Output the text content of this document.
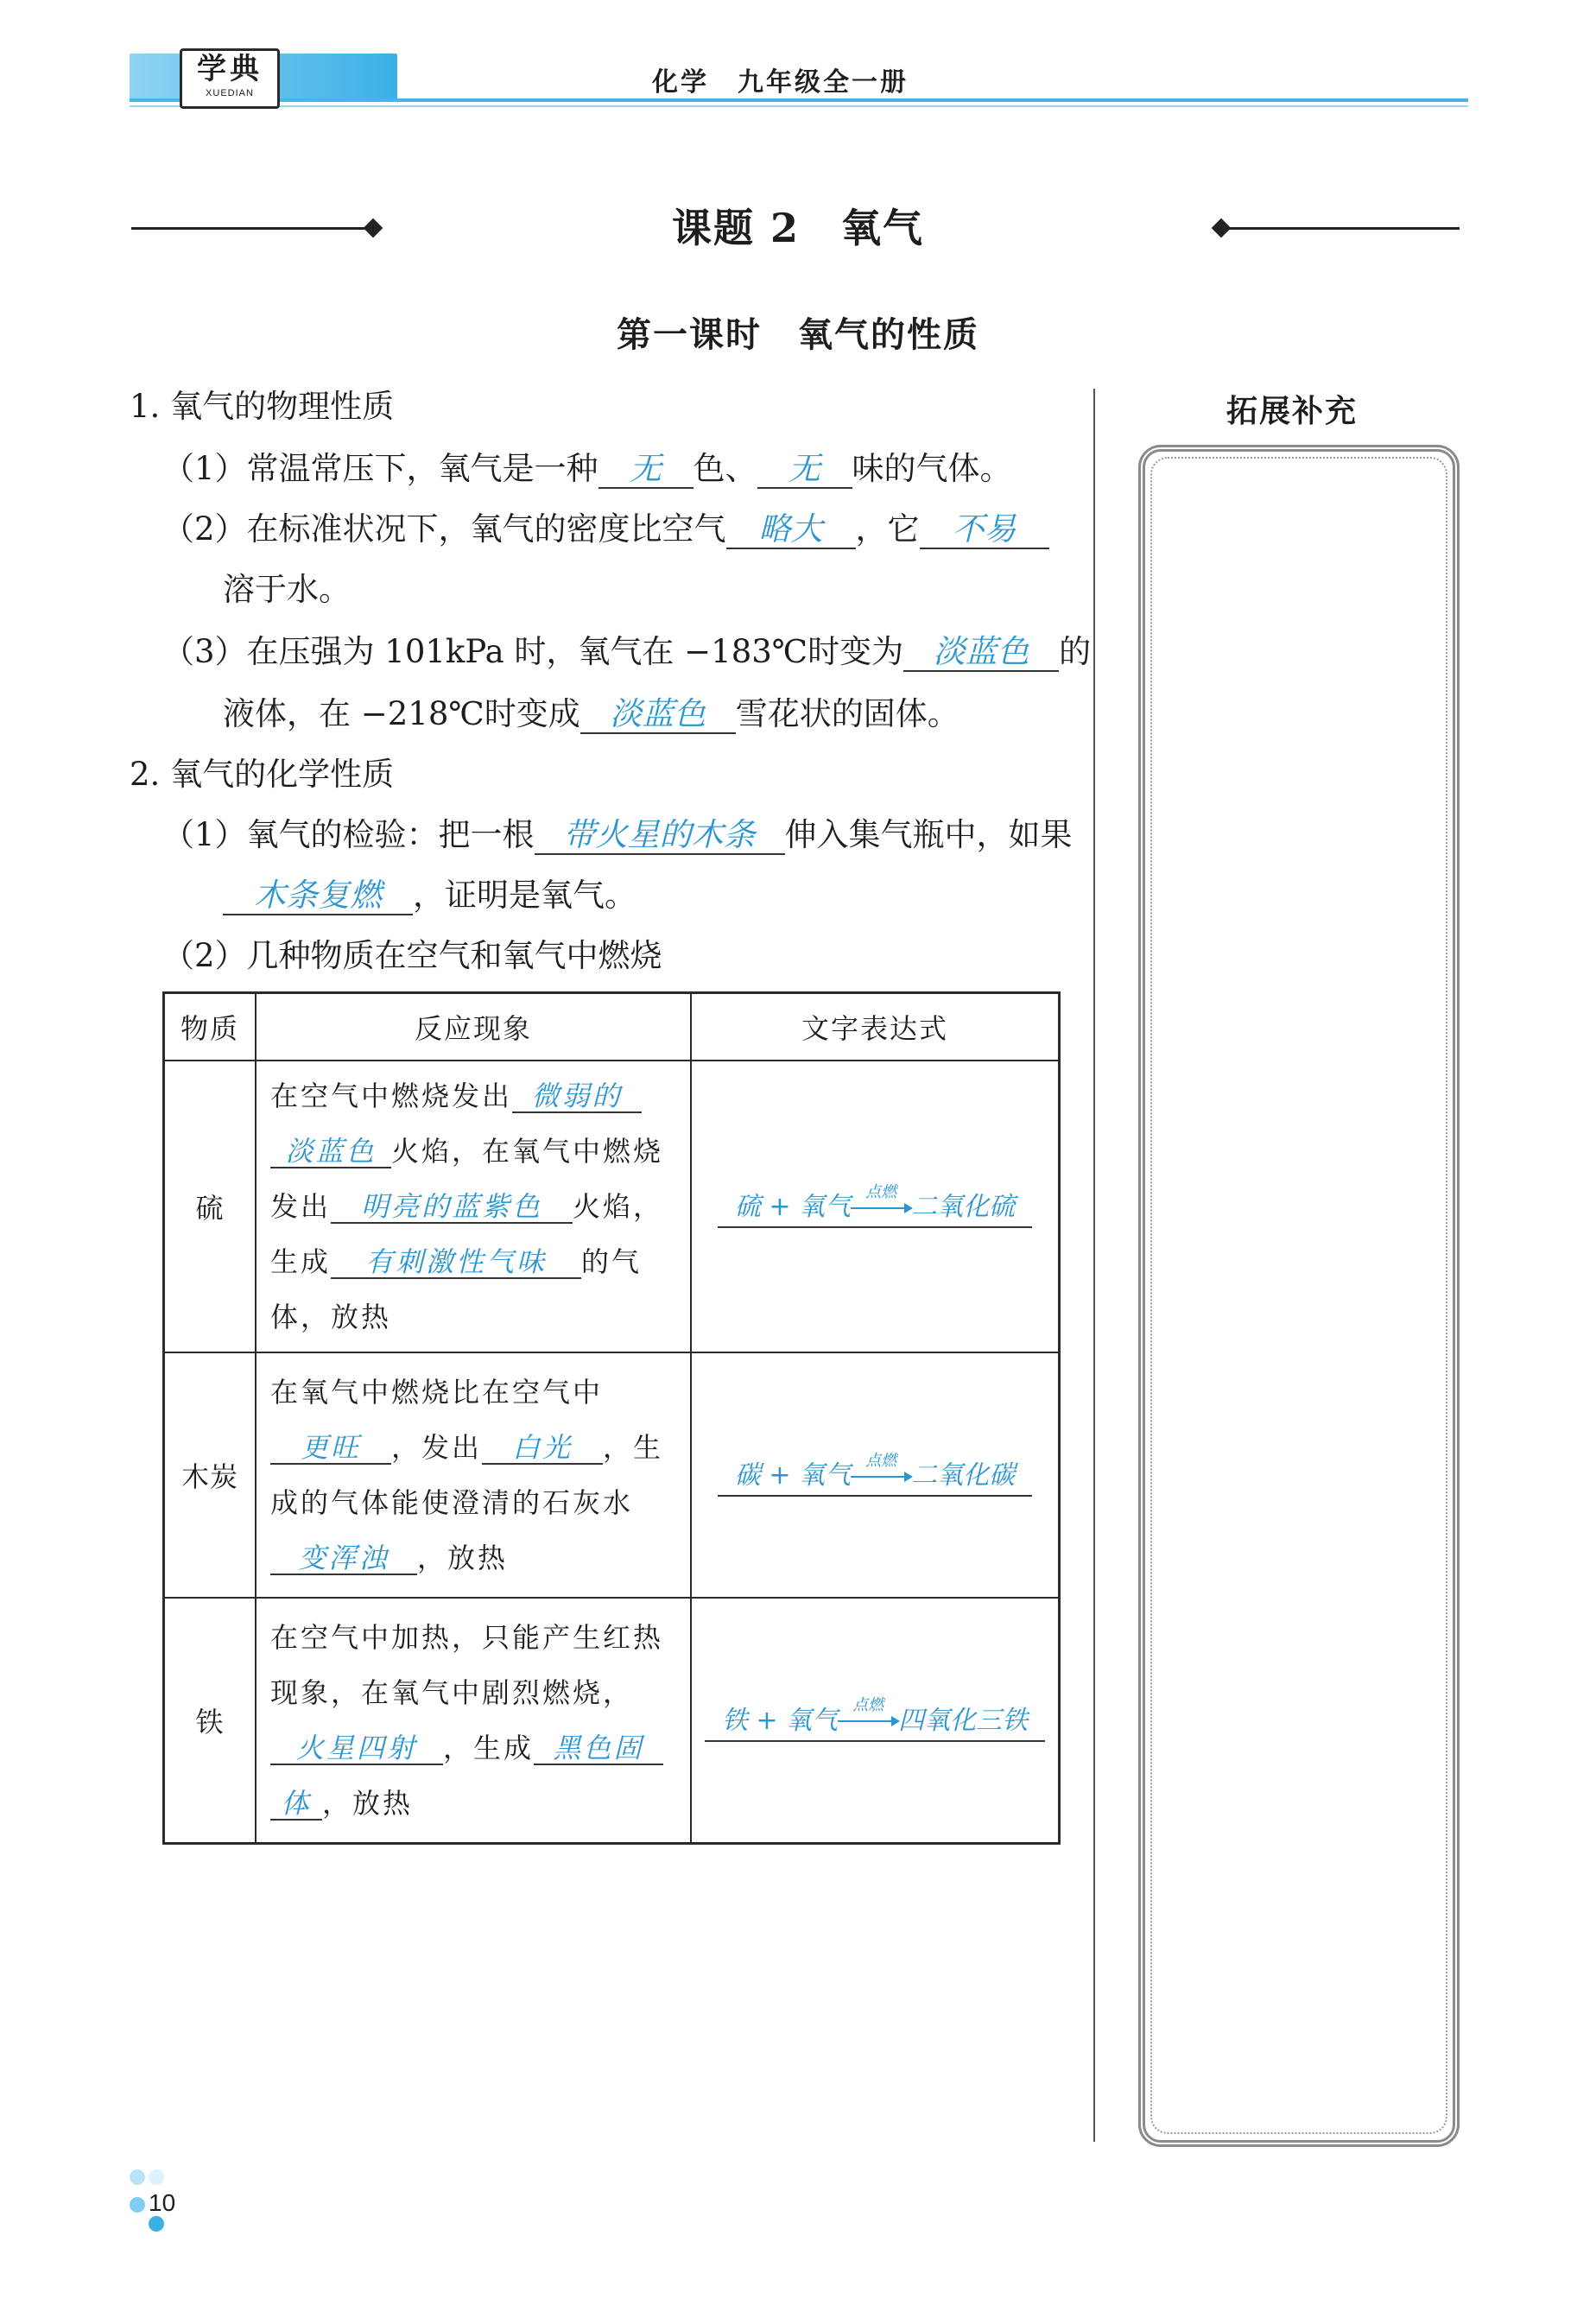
学典
XUEDIAN	化学　九年级全一册
课题 2　氧气
第一课时　氧气的性质
拓展补充
1. 氧气的物理性质
（1）常温常压下，氧气是一种 无 色、 无 味的气体。
（2）在标准状况下，氧气的密度比空气 略大 ，它 不易
溶于水。
（3）在压强为 101kPa 时，氧气在 −183℃时变为 淡蓝色 的
液体，在 −218℃时变成 淡蓝色 雪花状的固体。
2. 氧气的化学性质
（1）氧气的检验：把一根 带火星的木条 伸入集气瓶中，如果
木条复燃 ，证明是氧气。
（2）几种物质在空气和氧气中燃烧
物质	反应现象	文字表达式
硫	在空气中燃烧发出 微弱的
淡蓝色 火焰，在氧气中燃烧
发出 明亮的蓝紫色 火焰，
生成 有刺激性气味 的气
体，放热	硫 + 氧气 点燃 二氧化硫
木炭	在氧气中燃烧比在空气中
更旺 ，发出 白光 ，生
成的气体能使澄清的石灰水
变浑浊 ，放热	碳 + 氧气 点燃 二氧化碳
铁	在空气中加热，只能产生红热
现象，在氧气中剧烈燃烧，
火星四射 ，生成 黑色固
体 ，放热	铁 + 氧气 点燃 四氧化三铁
10
